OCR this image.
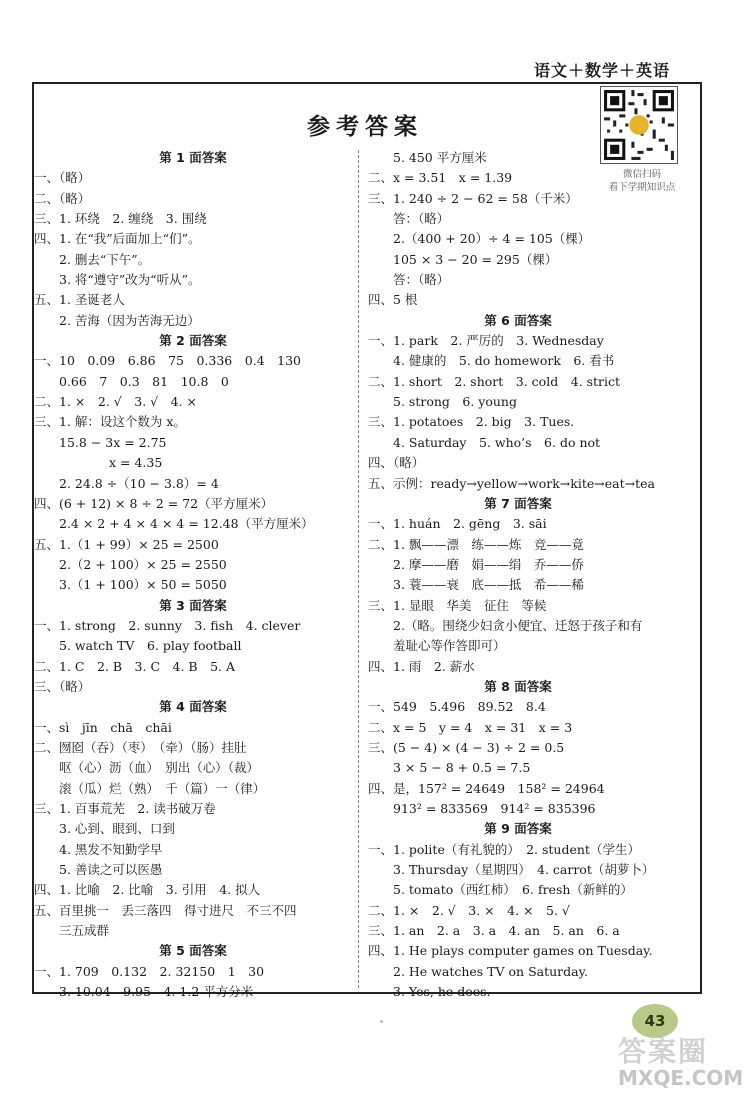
语文＋数学＋英语
参考答案
微信扫码
看下学期知识点
第 1 面答案
一、（略）
二、（略）
三、1. 环绕　2. 缠绕　3. 围绕
四、1. 在“我”后面加上“们”。
　　2. 删去“下午”。
　　3. 将“遵守”改为“听从”。
五、1. 圣诞老人
　　2. 苦海（因为苦海无边）
第 2 面答案
一、10　0.09　6.86　75　0.336　0.4　130
　　0.66　7　0.3　81　10.8　0
二、1. ×　2. √　3. √　4. ×
三、1. 解：设这个数为 x。
　　15.8 − 3x = 2.75
　　　　　　x = 4.35
　　2. 24.8 ÷（10 − 3.8）= 4
四、(6 + 12) × 8 ÷ 2 = 72（平方厘米）
　　2.4 × 2 + 4 × 4 × 4 = 12.48（平方厘米）
五、1.（1 + 99）× 25 = 2500
　　2.（2 + 100）× 25 = 2550
　　3.（1 + 100）× 50 = 5050
第 3 面答案
一、1. strong　2. sunny　3. fish　4. clever
　　5. watch TV　6. play football
二、1. C　2. B　3. C　4. B　5. A
三、（略）
第 4 面答案
一、sì　jīn　chā　chāi
二、囫囵（吞）（枣）　（牵）（肠）挂肚
　　呕（心）沥（血）　别出（心）（裁）
　　滚（瓜）烂（熟）　千（篇）一（律）
三、1. 百事荒芜　2. 读书破万卷
　　3. 心到、眼到、口到
　　4. 黑发不知勤学早
　　5. 善读之可以医愚
四、1. 比喻　2. 比喻　3. 引用　4. 拟人
五、百里挑一　丢三落四　得寸进尺　不三不四
　　三五成群
第 5 面答案
一、1. 709　0.132　2. 32150　1　30
　　3. 10.04　9.95　4. 1.2 平方分米
　　5. 450 平方厘米
二、x = 3.51　x = 1.39
三、1. 240 ÷ 2 − 62 = 58（千米）
　　答：（略）
　　2.（400 + 20）÷ 4 = 105（棵）
　　105 × 3 − 20 = 295（棵）
　　答：（略）
四、5 根
第 6 面答案
一、1. park　2. 严厉的　3. Wednesday
　　4. 健康的　5. do homework　6. 看书
二、1. short　2. short　3. cold　4. strict
　　5. strong　6. young
三、1. potatoes　2. big　3. Tues.
　　4. Saturday　5. who’s　6. do not
四、（略）
五、示例：ready→yellow→work→kite→eat→tea
第 7 面答案
一、1. huán　2. gēng　3. sāi
二、1. 飘——漂　练——炼　竞——竟
　　2. 摩——磨　娟——绢　乔——侨
　　3. 蓑——衰　底——抵　希——稀
三、1. 显眼　华美　征住　等候
　　2.（略。围绕少妇贪小便宜、迁怒于孩子和有
　　羞耻心等作答即可）
四、1. 雨　2. 薪水
第 8 面答案
一、549　5.496　89.52　8.4
二、x = 5　y = 4　x = 31　x = 3
三、(5 − 4) × (4 − 3) ÷ 2 = 0.5
　　3 × 5 − 8 + 0.5 = 7.5
四、是，157² = 24649　158² = 24964
　　913² = 833569　914² = 835396
第 9 面答案
一、1. polite（有礼貌的）　2. student（学生）
　　3. Thursday（星期四）　4. carrot（胡萝卜）
　　5. tomato（西红柿）　6. fresh（新鲜的）
二、1. ×　2. √　3. ×　4. ×　5. √
三、1. an　2. a　3. a　4. an　5. an　6. a
四、1. He plays computer games on Tuesday.
　　2. He watches TV on Saturday.
　　3. Yes, he does.
43
答案圈
MXQE.COM
